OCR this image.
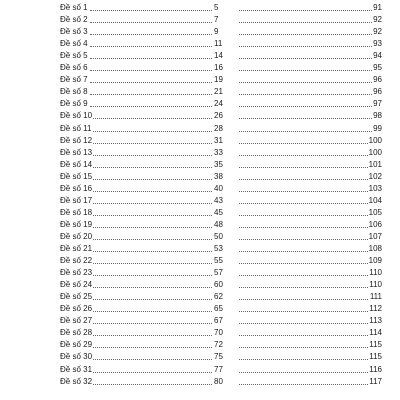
Đề số 1	5	91
Đề số 2	7	92
Đề số 3	9	92
Đề số 4	11	93
Đề số 5	14	94
Đề số 6	16	95
Đề số 7	19	96
Đề số 8	21	96
Đề số 9	24	97
Đề số 10	26	98
Đề số 11	28	99
Đề số 12	31	100
Đề số 13	33	100
Đề số 14	35	101
Đề số 15	38	102
Đề số 16	40	103
Đề số 17	43	104
Đề số 18	45	105
Đề số 19	48	106
Đề số 20	50	107
Đề số 21	53	108
Đề số 22	55	109
Đề số 23	57	110
Đề số 24	60	110
Đề số 25	62	111
Đề số 26	65	112
Đề số 27	67	113
Đề số 28	70	114
Đề số 29	72	115
Đề số 30	75	115
Đề số 31	77	116
Đề số 32	80	117
